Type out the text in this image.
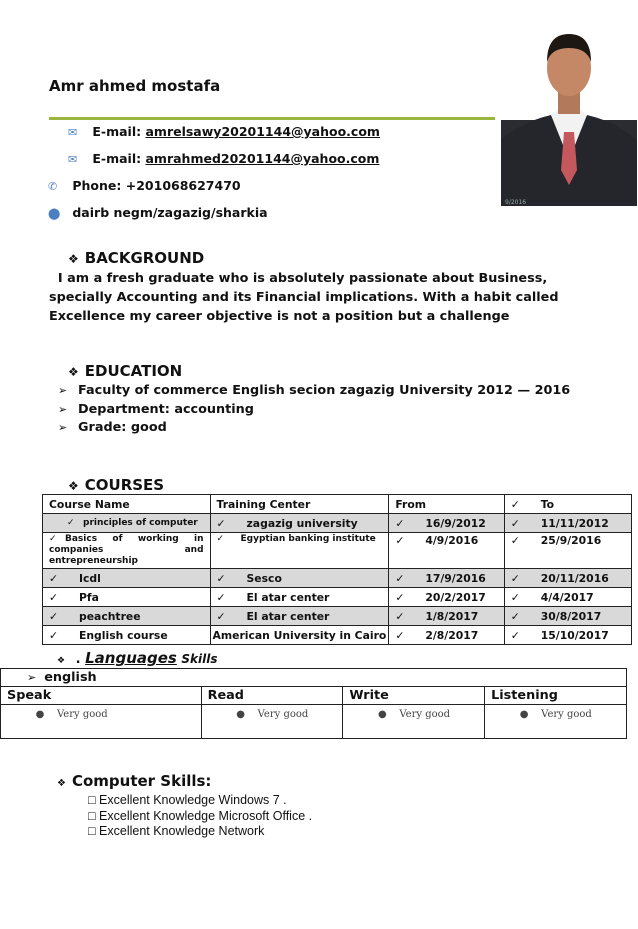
Amr ahmed mostafa
✉ E-mail: amrelsawy20201144@yahoo.com
✉ E-mail: amrahmed20201144@yahoo.com
✆ Phone: +201068627470
⬤ dairb negm/zagazig/sharkia
9/2016
❖ BACKGROUND
I am a fresh graduate who is absolutely passionate about Business, specially Accounting and its Financial implications. With a habit called Excellence my career objective is not a position but a challenge
❖ EDUCATION
➢ Faculty of commerce English secion zagazig University 2012 — 2016
➢ Department: accounting
➢ Grade: good
❖ COURSES
Course Name	Training Center	From	✓ To
✓ principles of computer	✓ zagazig university	✓ 16/9/2012	✓ 11/11/2012
✓ Basics of working in companies and entrepreneurship	✓ Egyptian banking institute	✓ 4/9/2016	✓ 25/9/2016
✓ Icdl	✓ Sesco	✓ 17/9/2016	✓ 20/11/2016
✓ Pfa	✓ El atar center	✓ 20/2/2017	✓ 4/4/2017
✓ peachtree	✓ El atar center	✓ 1/8/2017	✓ 30/8/2017
✓ English course	American University in Cairo	✓ 2/8/2017	✓ 15/10/2017
❖ . Languages Skills
➢ english			
Speak	Read	Write	Listening
● Very good	● Very good	● Very good	● Very good
❖ Computer Skills:
□ Excellent Knowledge Windows 7 .
□ Excellent Knowledge Microsoft Office .
□ Excellent Knowledge Network
